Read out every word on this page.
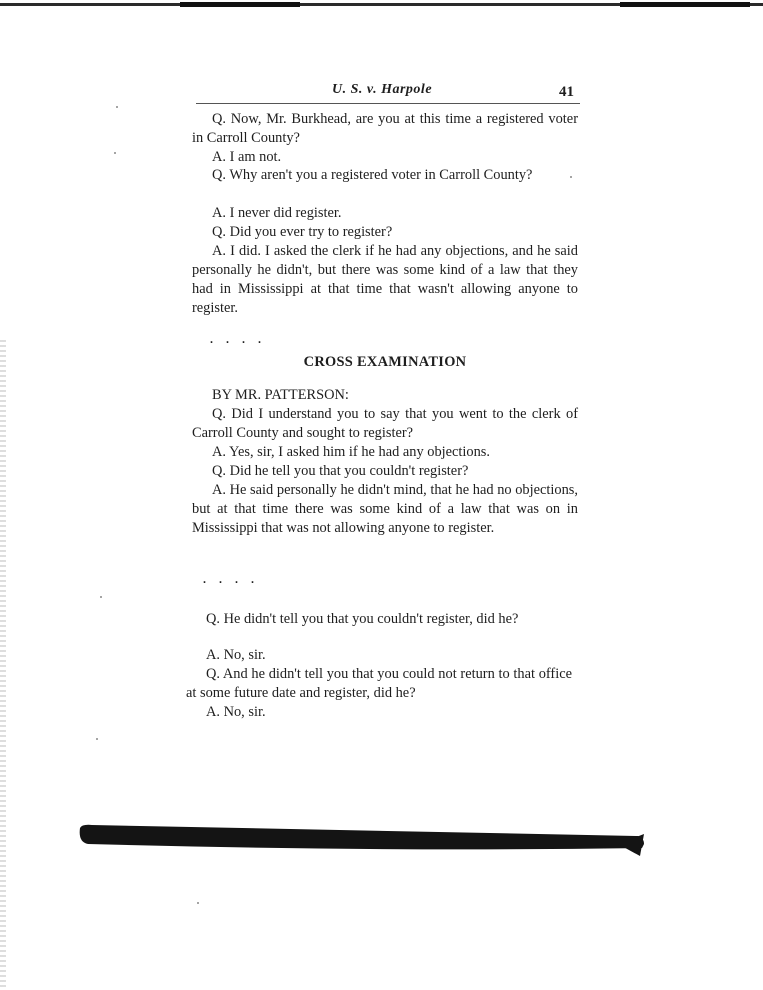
U. S. v. Harpole	41

Q. Now, Mr. Burkhead, are you at this time a registered voter in Carroll County?

A. I am not.

Q. Why aren't you a registered voter in Carroll County?

A. I never did register.

Q. Did you ever try to register?

A. I did. I asked the clerk if he had any objections, and he said personally he didn't, but there was some kind of a law that they had in Mississippi at that time that wasn't allowing anyone to register.

. . . .

CROSS EXAMINATION

BY MR. PATTERSON:

Q. Did I understand you to say that you went to the clerk of Carroll County and sought to register?

A. Yes, sir, I asked him if he had any objections.

Q. Did he tell you that you couldn't register?

A. He said personally he didn't mind, that he had no objections, but at that time there was some kind of a law that was on in Mississippi that was not allowing anyone to register.

. . . .

Q. He didn't tell you that you couldn't register, did he?

A. No, sir.

Q. And he didn't tell you that you could not return to that office at some future date and register, did he?

A. No, sir.
